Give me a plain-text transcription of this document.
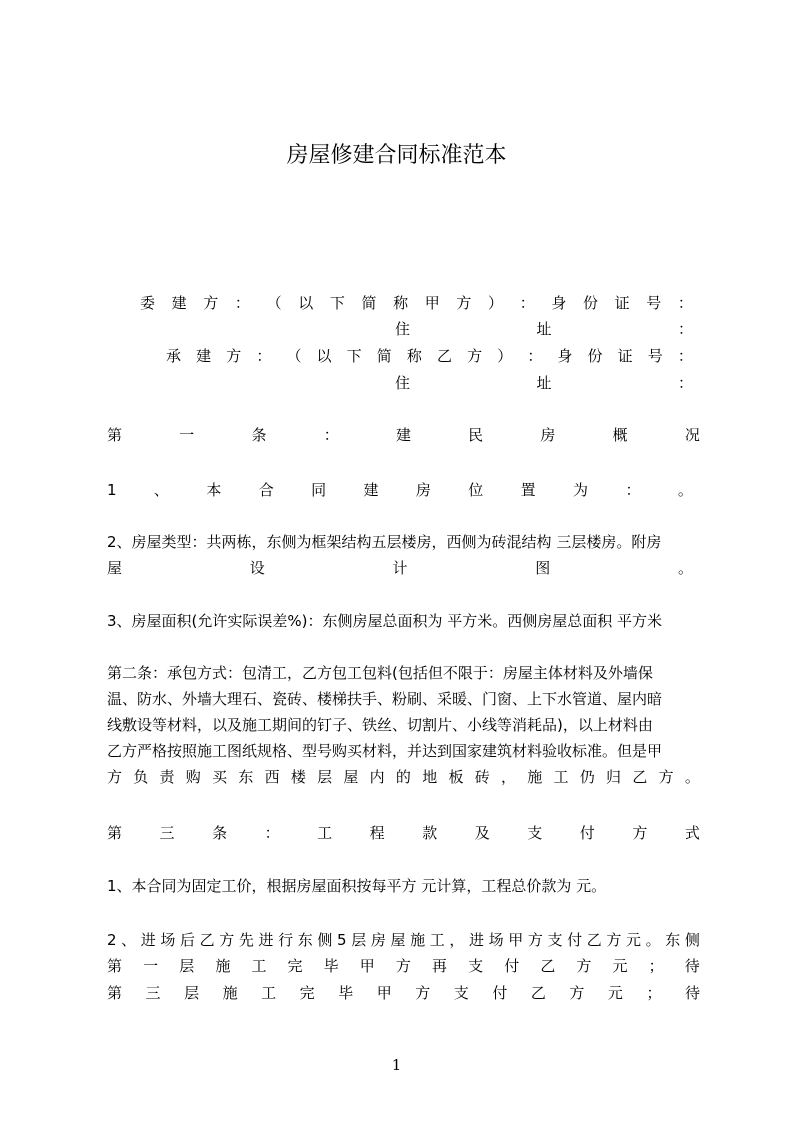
房屋修建合同标准范本
委 建 方 ： （ 以 下 简 称 甲 方 ） ： 身 份 证 号 ：
住	址	：
承 建 方 ： （ 以 下 简 称 乙 方 ） ： 身 份 证 号 ：
住	址	：
第	一	条	：	建	民	房	概	况
1 、 本 合 同 建 房 位 置 为 ： 。
2、房屋类型：共两栋，东侧为框架结构五层楼房，西侧为砖混结构 三层楼房。附房
屋	设	计	图	。
3、房屋面积(允许实际误差%)：东侧房屋总面积为 平方米。西侧房屋总面积 平方米
第二条：承包方式：包清工，乙方包工包料(包括但不限于：房屋主体材料及外墙保
温、防水、外墙大理石、瓷砖、楼梯扶手、粉刷、采暖、门窗、上下水管道、屋内暗
线敷设等材料，以及施工期间的钉子、铁丝、切割片、小线等消耗品)，以上材料由
乙方严格按照施工图纸规格、型号购买材料，并达到国家建筑材料验收标准。但是甲
方 负 责 购 买 东 西 楼 层 屋 内 的 地 板 砖 ， 施 工 仍 归 乙 方 。
第	三	条	：	工	程	款	及	支	付	方	式
1、本合同为固定工价，根据房屋面积按每平方 元计算，工程总价款为 元。
2 、 进 场 后 乙 方 先 进 行 东 侧 5 层 房 屋 施 工 ， 进 场 甲 方 支 付 乙 方 元 。 东 侧
第 一 层 施 工 完 毕 甲 方 再 支 付 乙 方 元 ； 待
第 三 层 施 工 完 毕 甲 方 支 付 乙 方 元 ； 待
1
